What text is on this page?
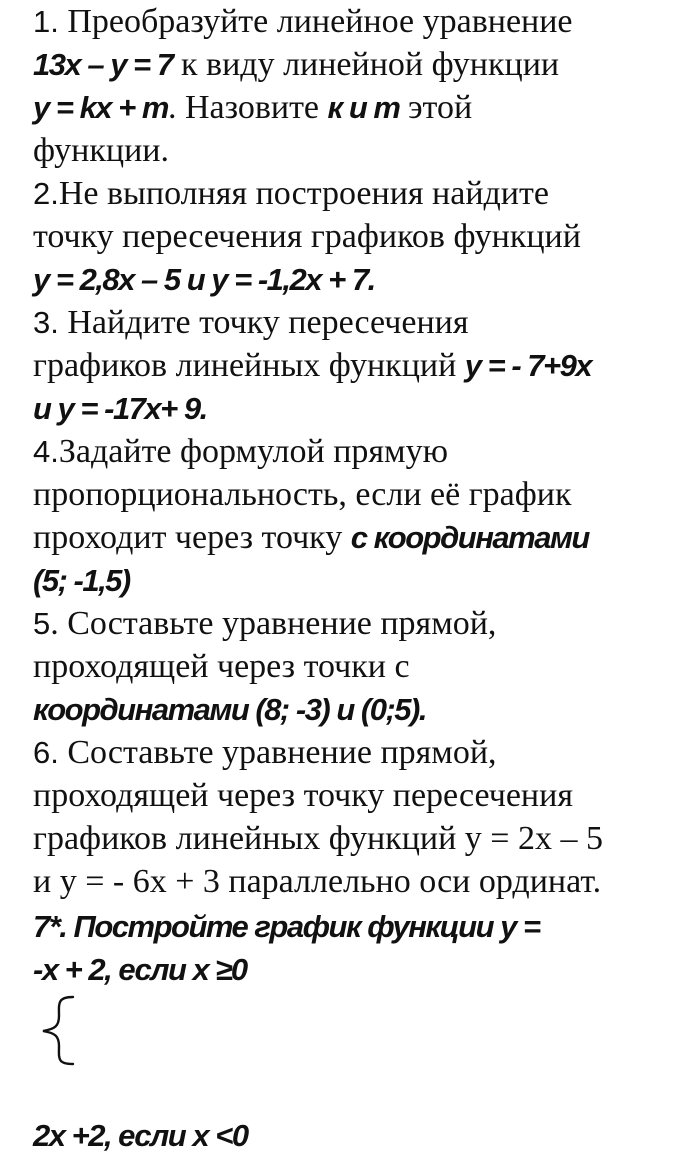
1. Преобразуйте линейное уравнение
13x – y = 7 к виду линейной функции
y = kx + m. Назовите к и m этой
функции.
2.Не выполняя построения найдите
точку пересечения графиков функций
y = 2,8x – 5 и y = -1,2x + 7.
3. Найдите точку пересечения
графиков линейных функций y = - 7+9x
и y = -17x+ 9.
4.Задайте формулой прямую
пропорциональность, если её график
проходит через точку с координатами
(5; -1,5)
5. Составьте уравнение прямой,
проходящей через точки с
координатами (8; -3) и (0;5).
6. Составьте уравнение прямой,
проходящей через точку пересечения
графиков линейных функций у = 2х – 5
и у = - 6х + 3 параллельно оси ординат.
7*. Постройте график функции y =
-x + 2, если x ≥0
2x +2, если x <0
